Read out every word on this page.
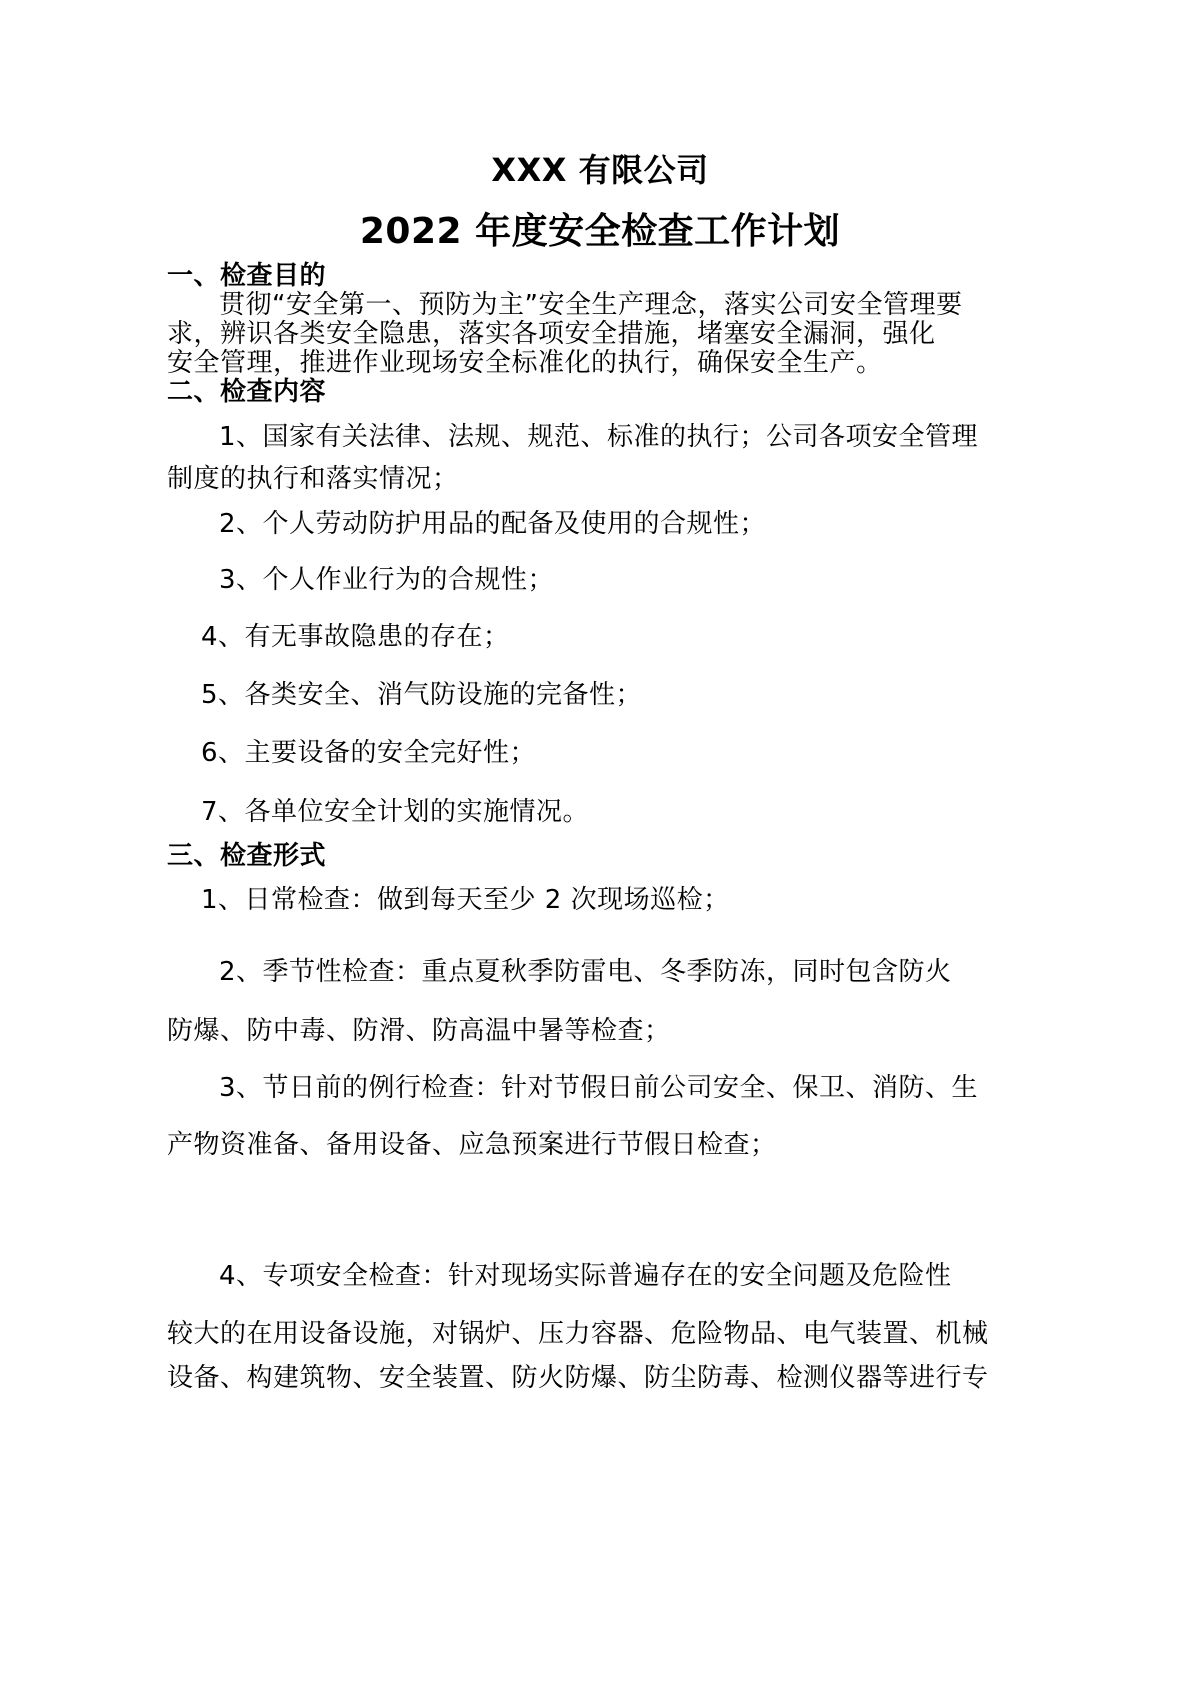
XXX 有限公司
2022 年度安全检查工作计划
一、检查目的
贯彻“安全第一、预防为主”安全生产理念，落实公司安全管理要
求，辨识各类安全隐患，落实各项安全措施，堵塞安全漏洞，强化
安全管理，推进作业现场安全标准化的执行，确保安全生产。
二、检查内容
1、国家有关法律、法规、规范、标准的执行；公司各项安全管理
制度的执行和落实情况；
2、个人劳动防护用品的配备及使用的合规性；
3、个人作业行为的合规性；
4、有无事故隐患的存在；
5、各类安全、消气防设施的完备性；
6、主要设备的安全完好性；
7、各单位安全计划的实施情况。
三、检查形式
1、日常检查：做到每天至少 2 次现场巡检；
2、季节性检查：重点夏秋季防雷电、冬季防冻，同时包含防火
防爆、防中毒、防滑、防高温中暑等检查；
3、节日前的例行检查：针对节假日前公司安全、保卫、消防、生
产物资准备、备用设备、应急预案进行节假日检查；
4、专项安全检查：针对现场实际普遍存在的安全问题及危险性
较大的在用设备设施，对锅炉、压力容器、危险物品、电气装置、机械
设备、构建筑物、安全装置、防火防爆、防尘防毒、检测仪器等进行专
